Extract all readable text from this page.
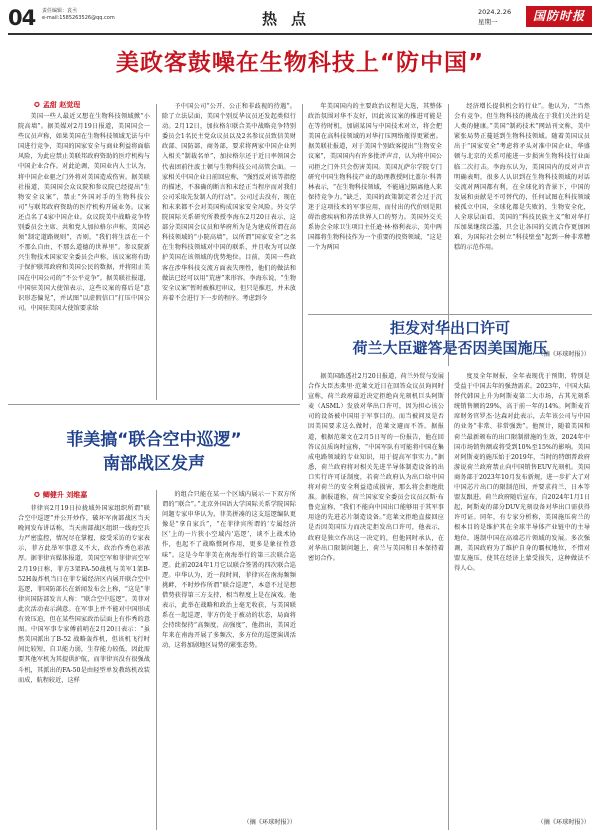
04 责任编辑：袁丞
e-mail:1585263526@qq.com	热点	2024.2.26
星期一	国防时报
美政客鼓噪在生物科技上“防中国”
✪ 孟甜 赵觉珵

美国一些人最近又想在生物科技领域掀“小院高墙”。据美媒对2月19日报道，美国国会一些议员声称，如果美国在生物科技领域无法与中国进行竞争，美国的国家安全与商业利益将面临风险，为此应禁止美联邦政府资助的医疗机构与中国企业合作。对此论调，美国业内人士认为，将中国企业驱之门外将对美国造成伤害。据美联社报道，美国国会众议院和参议院已经提出“生物安全议案”，禁止“外国对手的生物科技公司”与联邦政府资助的医疗机构开展业务。议案还点名了4家中国企业。众议院美中战略竞争特别委员会主席、共和党人加拉格尔声称，美国必须“制定道路规则”，否则，“我们将生活在一个不那么自由，不那么道德的世界里”。参议院新兴生物技术国家安全委员会声称，该议案将有助于保护联邦政府和美国公民的数据，并将阻止美国在中国公司的“不公平竞争”。据美联社报道，中国驻美国大使馆表示，这些议案的幕后是“意识形态偏见”，并试图“以虚假信口”打压中国公司。中国驻美国大使馆要求给

予中国公司“公开、公正和非歧视的待遇”。除了立法层面，美国个别反华议员还发起类似行动。2月12日，加拉格尔联合美中战略竞争特别委员会1名民主党众议员以及2名参议员致信美财政部、国防部、商务部，要求将两家中国企业列入相关“制裁名单”，加拉格尔还于近日率领国会代表团前往波士顿与生物科技公司高管会面。一家相关中国企业日前回应称，“强烈反对该等指控的描述，不准确的断言和未经正当程序而对我们公司采取先发制人的行动”。公司过去没有，现在和未来都不会对美国构成国家安全风险。外交学院国际关系研究所教授李海东2月20日表示，这部分美国国会议员和华府所为是为建成所谓在高科技领域的“小院高墙”，以所谓“国家安全”之名在生物科技领域对中国的联系，并且收为可以保护美国在该领域的优势地位。目前，美国一些政客在涉华科技交流方面表失理性，他们的做法和做法已经可以用“荒唐”来形容。李海东说，“生物安全议案”暂时被推迟审议，但只是推迟，并未放弃着不会进行下一步的程序。考虑到今

年美国国内的主要政治议程是大选，其整体政治氛围对华不友好，因此该议案的推进可能是在等待时机，加剧某国与中国技术对立，将会把美国在高科技领域的对华打压网络瓶得更紧密。据美联社报道，对于美国个别政客提出“生物安全议案”，美国国内有许多批评声音，认为将中国公司拒之门外只会伤害美国。美国瓦萨尔学院专门研究中国生物科技产业的助理教授阿比盖尔·科普林表示，“在生物科技领域，不能通过隔离他人来保持竞争力。”缺乏，美国的政策制定者会过于沉迷于这项技术的军事应用，而付出的代价则是阻碍治愈疾病和养活世界人口的努力。美国外交关系协会全球卫生项目主任逊·林·格利表示，美中两国都将生物科技作为一个重要的投资领域，“这是一个为两国

经济增长提供机会的行业”。他认为，“当然会有竞争，但生物科技的挑战在于我们关注的是人类的健康。”美国“制药技术”网站刊文称，美中紧张局势正蔓延到生物科技领域。随着美国议员出于“国家安全”考虑将矛头对准中国企业，华盛顿与北京的关系可能进一步损害生物科技行业面临二次打击。李海东认为，美国国内的反对声音明确表明，很多人认识到在生物科技领域的对话交流对两国都有利，在全球化的背景下，中国的发展和贡献是不可替代的，任何试图在科技领域被孤立中国，全球化都是失败的，生物安全化，人全球层面看，美国的“科技民族主义”和对华打压加果继续泛滥，只会让各国的交流合作更加困难，为国际社会树立“科技壁垒”起到一种非常糟糕的示范作用。

（摘《环球时报》）
拒发对华出口许可
荷兰大臣避答是否因美国施压

据美国路透社2月20日报道，荷兰外贸与发展合作大臣杰弗里·范莱文近日在回答众议员询问时宣称，荷兰政府最近决定拒绝向光刻机巨头阿斯麦（ASML）发放对华出口许可，因为担心该公司的设备被中国用于军事目的。而当被问及是否因美国要求这么做时，范莱文避而不答。据报道，根据范莱文在2月5日写的一份报告，他在回答议员质询时宣称，“中国军队有可能将中国在集成电路领域的专业知识，用于提高军事实力。”据悉，荷兰政府将对相关先进半导体制造设备的出口实行许可证制度，若荷兰政府认为出口给中国将对荷兰的安全利益造成损害，那么将会拒绝批准。据报道称，荷兰国家安全委员会议员汉斯·布鲁克宣称，“我们不能向中国出口能够用于其军事用途的先进芯片制造设备。”范莱文拒绝直接回应是否因美国压力而决定拒发出口许可，他表示，政府是独立作出这一决定的，但他同时承认，在对华出口限制问题上，荷兰与美国和日本保持着密切合作。

度及全年财报，全年表现优于预期，特别是受益于中国去年的强劲需求。2023年，中国大陆替代韩国上升为阿斯麦第二大市场，占其光刻系统销售额的29%，高于前一年的14%。阿斯麦首席财务官罗杰·达森对此表示，去年该公司与中国的业务“非常、非常强劲”。他预计，随着美国和荷兰最新颁布的出口限制措施的生效，2024年中国市场销售额或将受到10%至15%的影响。美国对阿斯麦的施压始于2019年，当时的特朗普政府游说荷兰政府禁止向中国销售EUV光刻机。美国商务部于2023年10月发布新规，进一步扩大了对中国芯片出口的限制范围，并要求荷兰、日本等盟友跟进。荷兰政府随后宣布，自2024年1月1日起，阿斯麦的部分DUV光刻设备对华出口需获得许可证。同年，有专家分析称，美国施压荷兰的根本目的是维护其在全球半导体产业链中的主导地位，遏制中国在高端芯片领域的发展。多次强调，美国政府为了维护自身的霸权地位，不惜对盟友施压，使其在经济上蒙受损失，这种做法不得人心。

（摘《环球时报》）
菲美搞“联合空中巡逻”
南部战区发声
✪ 鲫健升 刘维嘉

菲律宾2月19日拉拢域外国家组织所谓“联合空中巡逻”并公开炒作，破坏军南部战区当天晚间发布讲话称，当天南部战区组织一线海空兵力严密监控，情况尽在掌握，接受采访的专家表示，菲方此举军事意义不大，政治作秀色彩浓厚。据菲律宾媒体报道，美国空军和菲律宾空军2月19日称，菲方3架FA-50战机与美军1架B-52H轰炸机当日在菲专属经济区内展开联合空中巡逻，菲国防部长在新闻发布会上称，“这是”菲律宾国防部发言人称：“联合空中巡逻”。美菲对此次活动表示满意。在军事上并不能对中国形成有效压迫，但在某些国家政治层面上有作秀的意图。中国军事专家傅前哨在2月20日表示：“虽然美国派出了B-52 战略轰炸机，但该机飞行时间比较短，自卫能力弱，生存能力较低，因此需要其他军机为其提供护航，而菲律宾没有很强战斗机，其派出的FA-50是由轻型单发教练机改装而成，航程较近，这样

的组合只能在某一个区域内展示一下双方所谓的“联合”。”北京外国语大学国际关系学院国际问题专家申华认为，菲美拼凑的这支巡逻编队更像是“拿自家兵”，“在菲律宾所谓的‘专属经济区’上的一片狭小空域内‘巡逻’，谈不上战术协作，也起不了战略慑阿作用，更多是象征性意味”。这是今年菲美在南海举行的第三次联合巡逻。此前2024年1月它以联合签署的四次联合巡逻。申华认为，近一段时间，菲律宾在南海频频挑衅，不时炒作所谓“联合巡逻”，本意不过是想借势获得第三方支持，相当程度上是在演戏。他表示，此举在战略和政治上毫无收获，与美国联系在一起巡逻，菲方仍处于被动的状态，局面将会持续保持“高频度、高强度”，他指出，美国近年来在南海开展了多频次、多方位的巡逻演训活动，这将加剧地区局势的紧张态势。

（摘《环球时报》）
